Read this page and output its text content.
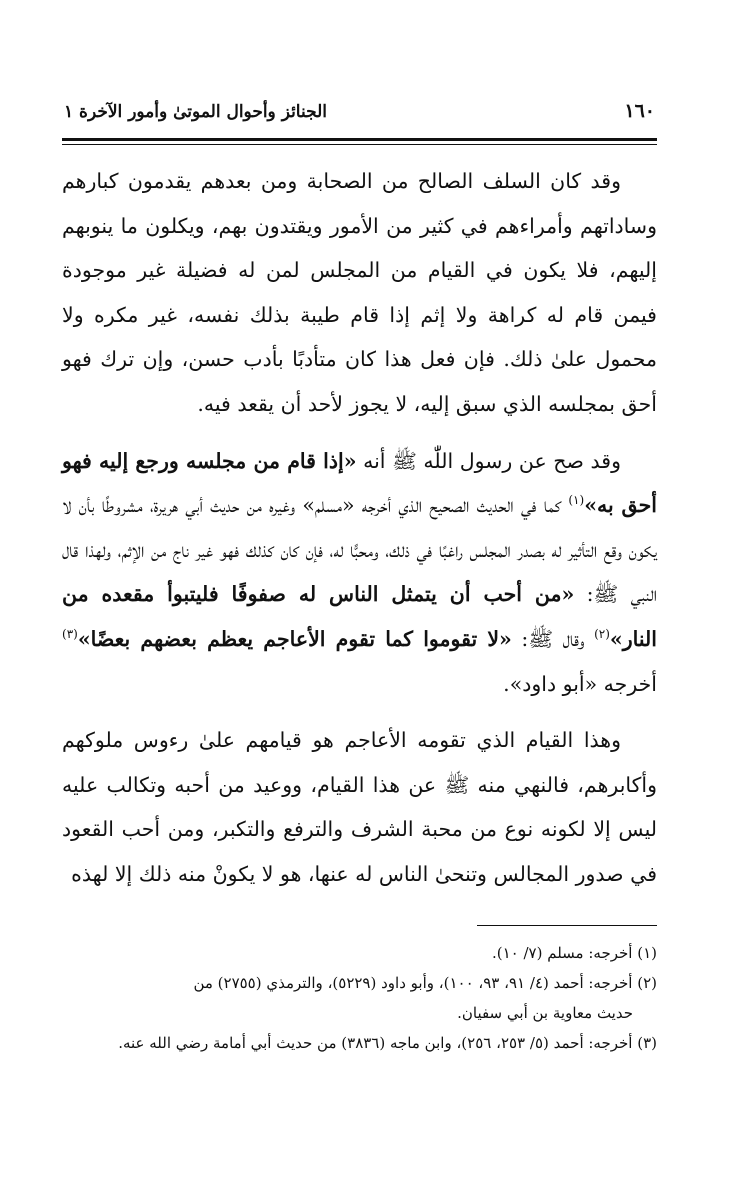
١٦٠
الجنائز وأحوال الموتىٰ وأمور الآخرة ١

وقد كان السلف الصالح من الصحابة ومن بعدهم يقدمون كبارهم وساداتهم وأمراءهم في كثير من الأمور ويقتدون بهم، ويكلون ما ينوبهم إليهم، فلا يكون في القيام من المجلس لمن له فضيلة غير موجودة فيمن قام له كراهة ولا إثم إذا قام طيبة بذلك نفسه، غير مكره ولا محمول علىٰ ذلك. فإن فعل هذا كان متأدبًا بأدب حسن، وإن ترك فهو أحق بمجلسه الذي سبق إليه، لا يجوز لأحد أن يقعد فيه.

وقد صح عن رسول اللّٰه ﷺ أنه «إذا قام من مجلسه ورجع إليه فهو أحق به»$^{(١)}$ كما في الحديث الصحيح الذي أخرجه «مسلم» وغيره من حديث أبي هريرة، مشروطًا بأن لا يكون وقع التأثير له بصدر المجلس راغبًا في ذلك، ومحبًّا له، فإن كان كذلك فهو غير ناج من الإثم، ولهذا قال النبي ﷺ: «من أحب أن يتمثل الناس له صفوفًا فليتبوأ مقعده من النار»$^{(٢)}$ وقال ﷺ: «لا تقوموا كما تقوم الأعاجم يعظم بعضهم بعضًا»$^{(٣)}$ أخرجه «أبو داود».

وهذا القيام الذي تقومه الأعاجم هو قيامهم علىٰ رءوس ملوكهم وأكابرهم، فالنهي منه ﷺ عن هذا القيام، ووعيد من أحبه وتكالب عليه ليس إلا لكونه نوع من محبة الشرف والترفع والتكبر، ومن أحب القعود في صدور المجالس وتنحىٰ الناس له عنها، هو لا يكونْ منه ذلك إلا لهذه

(١) أخرجه: مسلم (٧/ ١٠).
(٢) أخرجه: أحمد (٤/ ٩١، ٩٣، ١٠٠)، وأبو داود (٥٢٢٩)، والترمذي (٢٧٥٥) من
حديث معاوية بن أبي سفيان.
(٣) أخرجه: أحمد (٥/ ٢٥٣، ٢٥٦)، وابن ماجه (٣٨٣٦) من حديث أبي أمامة رضي الله عنه.
